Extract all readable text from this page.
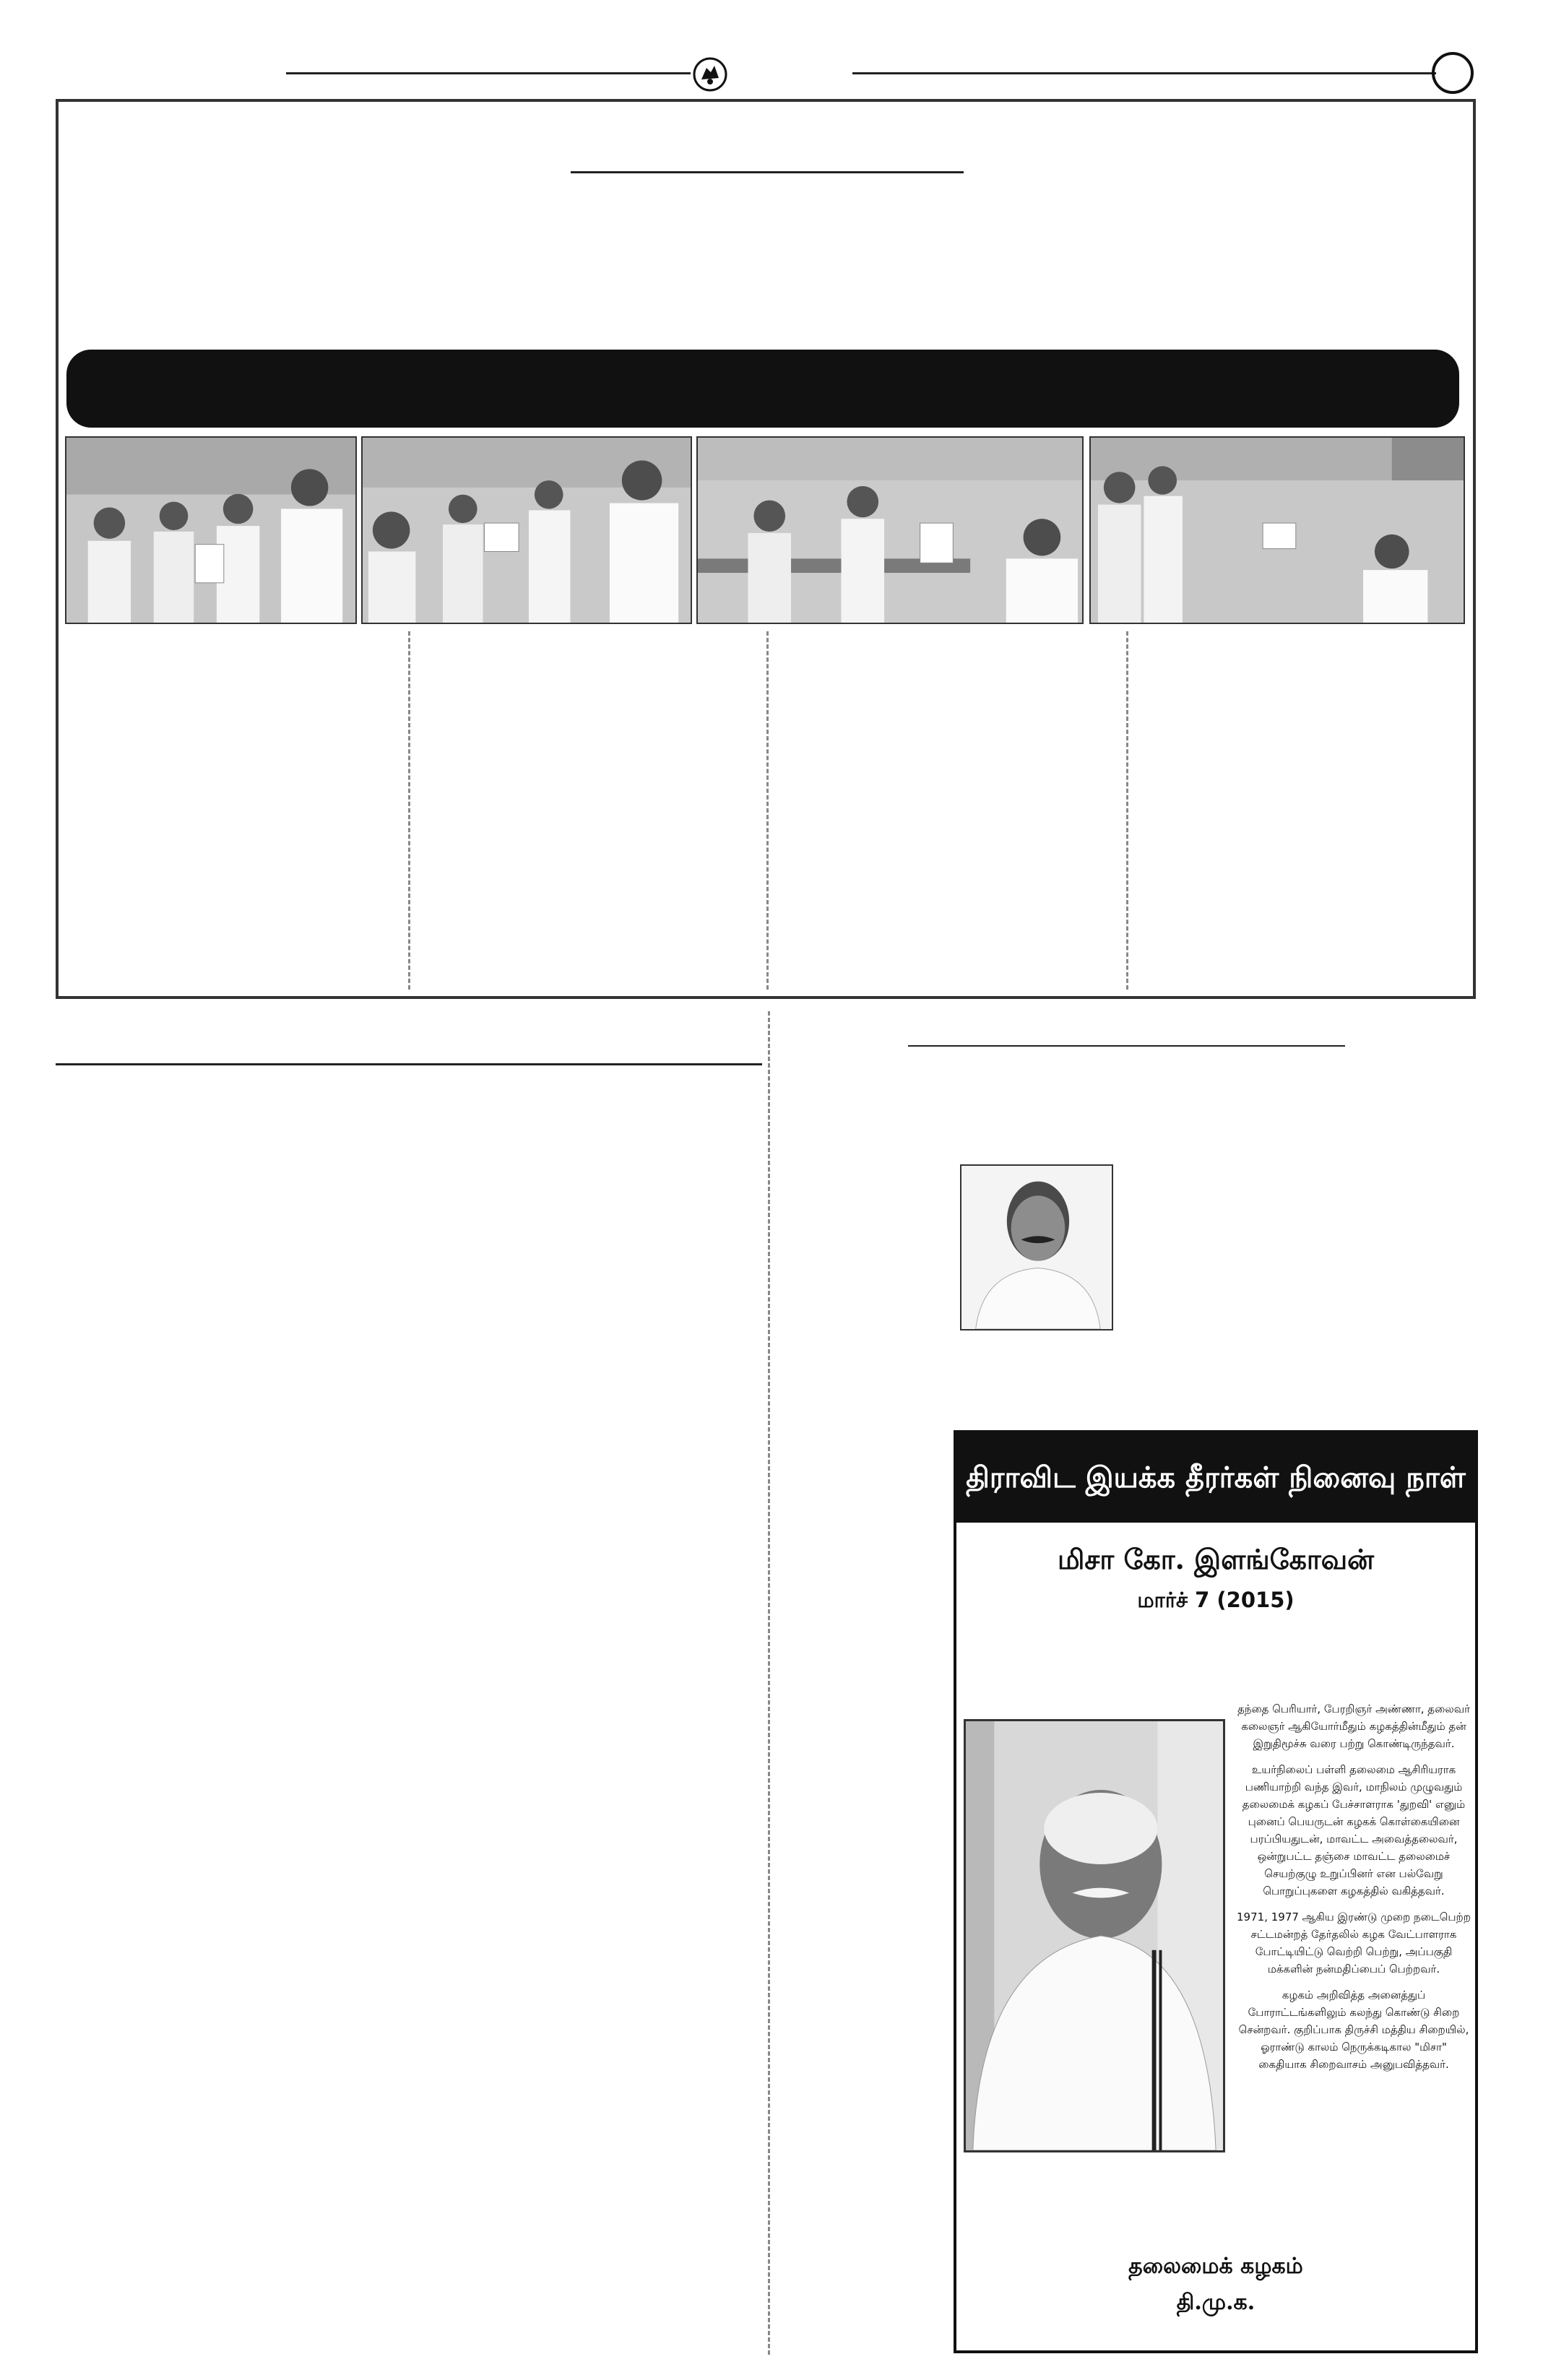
திராவிட இயக்க தீரர்கள் நினைவு நாள்
மிசா கோ. இளங்கோவன்
மார்ச் 7 (2015)

தந்தை பெரியார், பேரறிஞர் அண்ணா, தலைவர் கலைஞர் ஆகியோர்மீதும் கழகத்தின்மீதும் தன் இறுதிமூச்சு வரை பற்று கொண்டிருந்தவர்.

உயர்நிலைப் பள்ளி தலைமை ஆசிரியராக பணியாற்றி வந்த இவர், மாநிலம் முழுவதும் தலைமைக் கழகப் பேச்சாளராக 'துறவி' எனும் புனைப் பெயருடன் கழகக் கொள்கையினை பரப்பியதுடன், மாவட்ட அவைத்தலைவர், ஒன்றுபட்ட தஞ்சை மாவட்ட தலைமைச் செயற்குழு உறுப்பினர் என பல்வேறு பொறுப்புகளை கழகத்தில் வகித்தவர்.

1971, 1977 ஆகிய இரண்டு முறை நடைபெற்ற சட்டமன்றத் தேர்தலில் கழக வேட்பாளராக போட்டியிட்டு வெற்றி பெற்று, அப்பகுதி மக்களின் நன்மதிப்பைப் பெற்றவர்.

கழகம் அறிவித்த அனைத்துப் போராட்டங்களிலும் கலந்து கொண்டு சிறை சென்றவர். குறிப்பாக திருச்சி மத்திய சிறையில், ஓராண்டு காலம் நெருக்கடிகால "மிசா" கைதியாக சிறைவாசம் அனுபவித்தவர்.

தலைமைக் கழகம்
தி.மு.க.
